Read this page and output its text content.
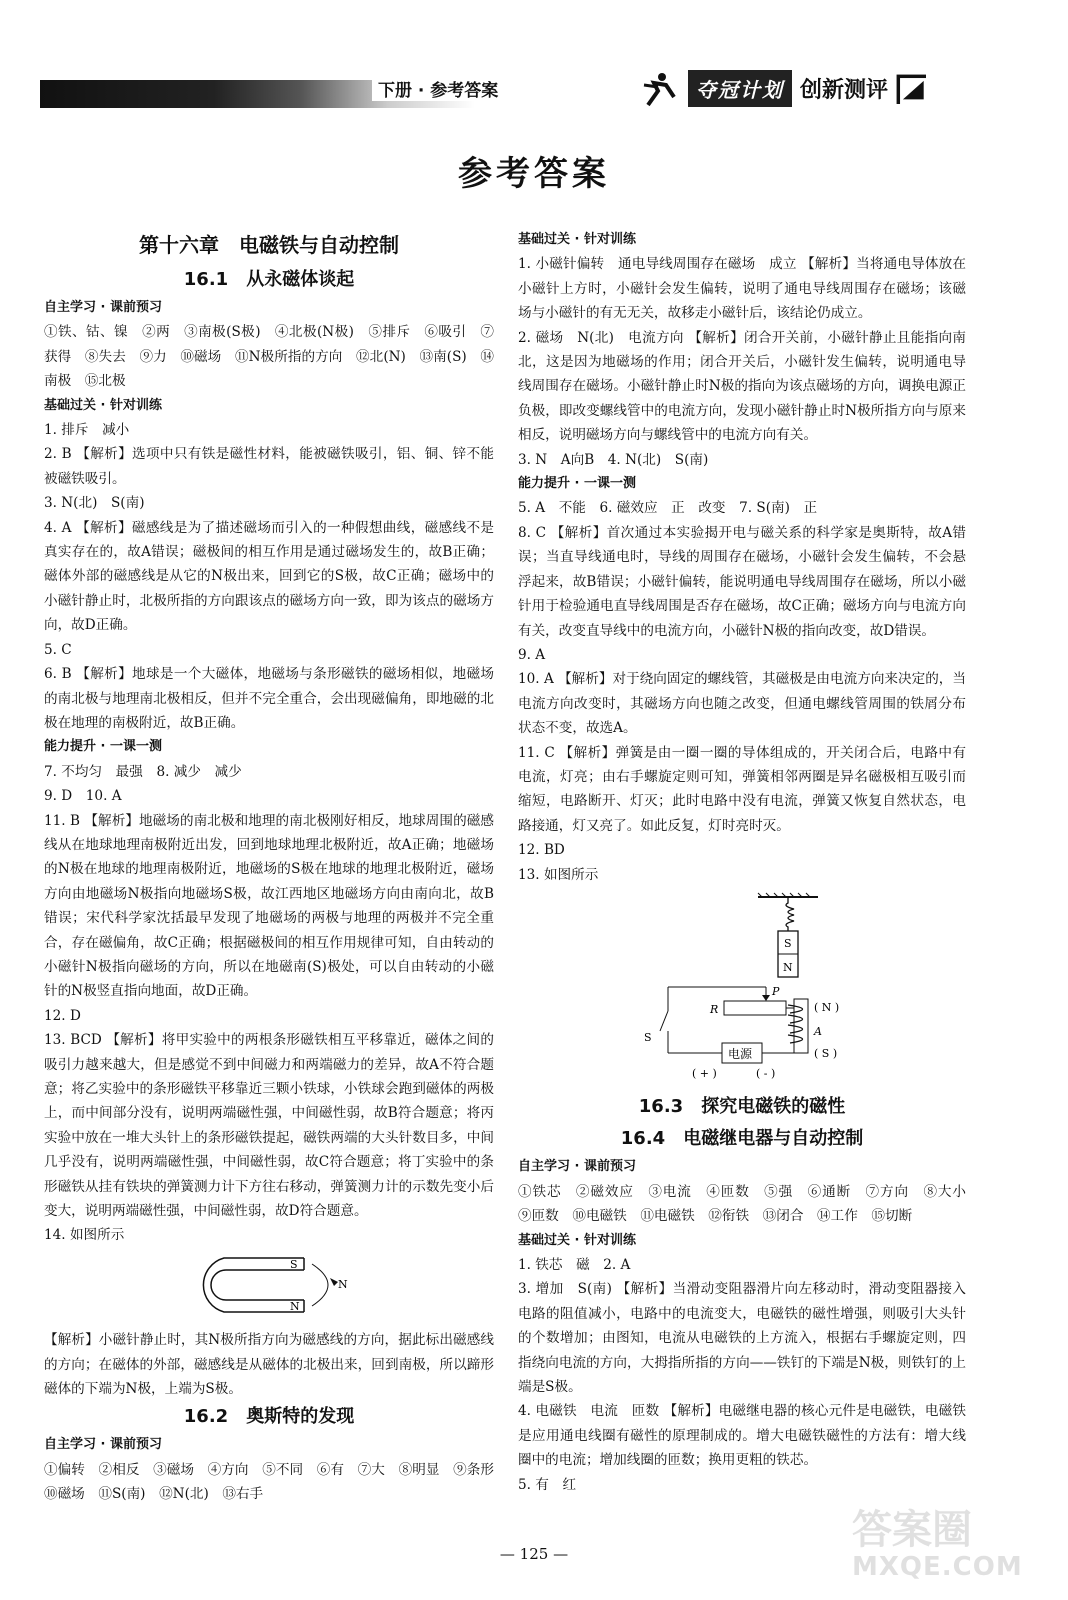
下册 · 参考答案	夺冠计划 创新测评
参考答案

第十六章　电磁铁与自动控制

16.1　从永磁体谈起

自主学习 · 课前预习

①铁、钴、镍　②两　③南极(S极)　④北极(N极)　⑤排斥　⑥吸引　⑦获得　⑧失去　⑨力　⑩磁场　⑪N极所指的方向　⑫北(N)　⑬南(S)　⑭南极　⑮北极

基础过关 · 针对训练

1. 排斥　减小

2. B 【解析】选项中只有铁是磁性材料，能被磁铁吸引，铝、铜、锌不能被磁铁吸引。

3. N(北)　S(南)

4. A 【解析】磁感线是为了描述磁场而引入的一种假想曲线，磁感线不是真实存在的，故A错误；磁极间的相互作用是通过磁场发生的，故B正确；磁体外部的磁感线是从它的N极出来，回到它的S极，故C正确；磁场中的小磁针静止时，北极所指的方向跟该点的磁场方向一致，即为该点的磁场方向，故D正确。

5. C

6. B 【解析】地球是一个大磁体，地磁场与条形磁铁的磁场相似，地磁场的南北极与地理南北极相反，但并不完全重合，会出现磁偏角，即地磁的北极在地理的南极附近，故B正确。

能力提升 · 一课一测

7. 不均匀　最强　8. 减少　减少

9. D　10. A

11. B 【解析】地磁场的南北极和地理的南北极刚好相反，地球周围的磁感线从在地球地理南极附近出发，回到地球地理北极附近，故A正确；地磁场的N极在地球的地理南极附近，地磁场的S极在地球的地理北极附近，磁场方向由地磁场N极指向地磁场S极，故江西地区地磁场方向由南向北，故B错误；宋代科学家沈括最早发现了地磁场的两极与地理的两极并不完全重合，存在磁偏角，故C正确；根据磁极间的相互作用规律可知，自由转动的小磁针N极指向磁场的方向，所以在地磁南(S)极处，可以自由转动的小磁针的N极竖直指向地面，故D正确。

12. D

13. BCD 【解析】将甲实验中的两根条形磁铁相互平移靠近，磁体之间的吸引力越来越大，但是感觉不到中间磁力和两端磁力的差异，故A不符合题意；将乙实验中的条形磁铁平移靠近三颗小铁球，小铁球会跑到磁体的两极上，而中间部分没有，说明两端磁性强，中间磁性弱，故B符合题意；将丙实验中放在一堆大头针上的条形磁铁提起，磁铁两端的大头针数目多，中间几乎没有，说明两端磁性强，中间磁性弱，故C符合题意；将丁实验中的条形磁铁从挂有铁块的弹簧测力计下方往右移动，弹簧测力计的示数先变小后变大，说明两端磁性强，中间磁性弱，故D符合题意。

14. 如图所示

S
N
N

【解析】小磁针静止时，其N极所指方向为磁感线的方向，据此标出磁感线的方向；在磁体的外部，磁感线是从磁体的北极出来，回到南极，所以蹄形磁体的下端为N极，上端为S极。

16.2　奥斯特的发现

自主学习 · 课前预习

①偏转　②相反　③磁场　④方向　⑤不同　⑥有　⑦大　⑧明显　⑨条形　⑩磁场　⑪S(南)　⑫N(北)　⑬右手

基础过关 · 针对训练

1. 小磁针偏转　通电导线周围存在磁场　成立 【解析】当将通电导体放在小磁针上方时，小磁针会发生偏转，说明了通电导线周围存在磁场；该磁场与小磁针的有无无关，故移走小磁针后，该结论仍成立。

2. 磁场　N(北)　电流方向 【解析】闭合开关前，小磁针静止且能指向南北，这是因为地磁场的作用；闭合开关后，小磁针发生偏转，说明通电导线周围存在磁场。小磁针静止时N极的指向为该点磁场的方向，调换电源正负极，即改变螺线管中的电流方向，发现小磁针静止时N极所指方向与原来相反，说明磁场方向与螺线管中的电流方向有关。

3. N　A向B　4. N(北)　S(南)

能力提升 · 一课一测

5. A　不能　6. 磁效应　正　改变　7. S(南)　正

8. C 【解析】首次通过本实验揭开电与磁关系的科学家是奥斯特，故A错误；当直导线通电时，导线的周围存在磁场，小磁针会发生偏转，不会悬浮起来，故B错误；小磁针偏转，能说明通电导线周围存在磁场，所以小磁针用于检验通电直导线周围是否存在磁场，故C正确；磁场方向与电流方向有关，改变直导线中的电流方向，小磁针N极的指向改变，故D错误。

9. A

10. A 【解析】对于绕向固定的螺线管，其磁极是由电流方向来决定的，当电流方向改变时，其磁场方向也随之改变，但通电螺线管周围的铁屑分布状态不变，故选A。

11. C 【解析】弹簧是由一圈一圈的导体组成的，开关闭合后，电路中有电流，灯亮；由右手螺旋定则可知，弹簧相邻两圈是异名磁极相互吸引而缩短，电路断开、灯灭；此时电路中没有电流，弹簧又恢复自然状态，电路接通，灯又亮了。如此反复，灯时亮时灭。

12. BD

13. 如图所示

S
N
P
R	( N )
A
( S )
S
电源
( + )	( - )

16.3　探究电磁铁的磁性

16.4　电磁继电器与自动控制

自主学习 · 课前预习

①铁芯　②磁效应　③电流　④匝数　⑤强　⑥通断　⑦方向　⑧大小　⑨匝数　⑩电磁铁　⑪电磁铁　⑫衔铁　⑬闭合　⑭工作　⑮切断

基础过关 · 针对训练

1. 铁芯　磁　2. A

3. 增加　S(南) 【解析】当滑动变阻器滑片向左移动时，滑动变阻器接入电路的阻值减小，电路中的电流变大，电磁铁的磁性增强，则吸引大头针的个数增加；由图知，电流从电磁铁的上方流入，根据右手螺旋定则，四指绕向电流的方向，大拇指所指的方向——铁钉的下端是N极，则铁钉的上端是S极。

4. 电磁铁　电流　匝数 【解析】电磁继电器的核心元件是电磁铁，电磁铁是应用通电线圈有磁性的原理制成的。增大电磁铁磁性的方法有：增大线圈中的电流；增加线圈的匝数；换用更粗的铁芯。

5. 有　红

— 125 —
答案圈
MXQE.COM
